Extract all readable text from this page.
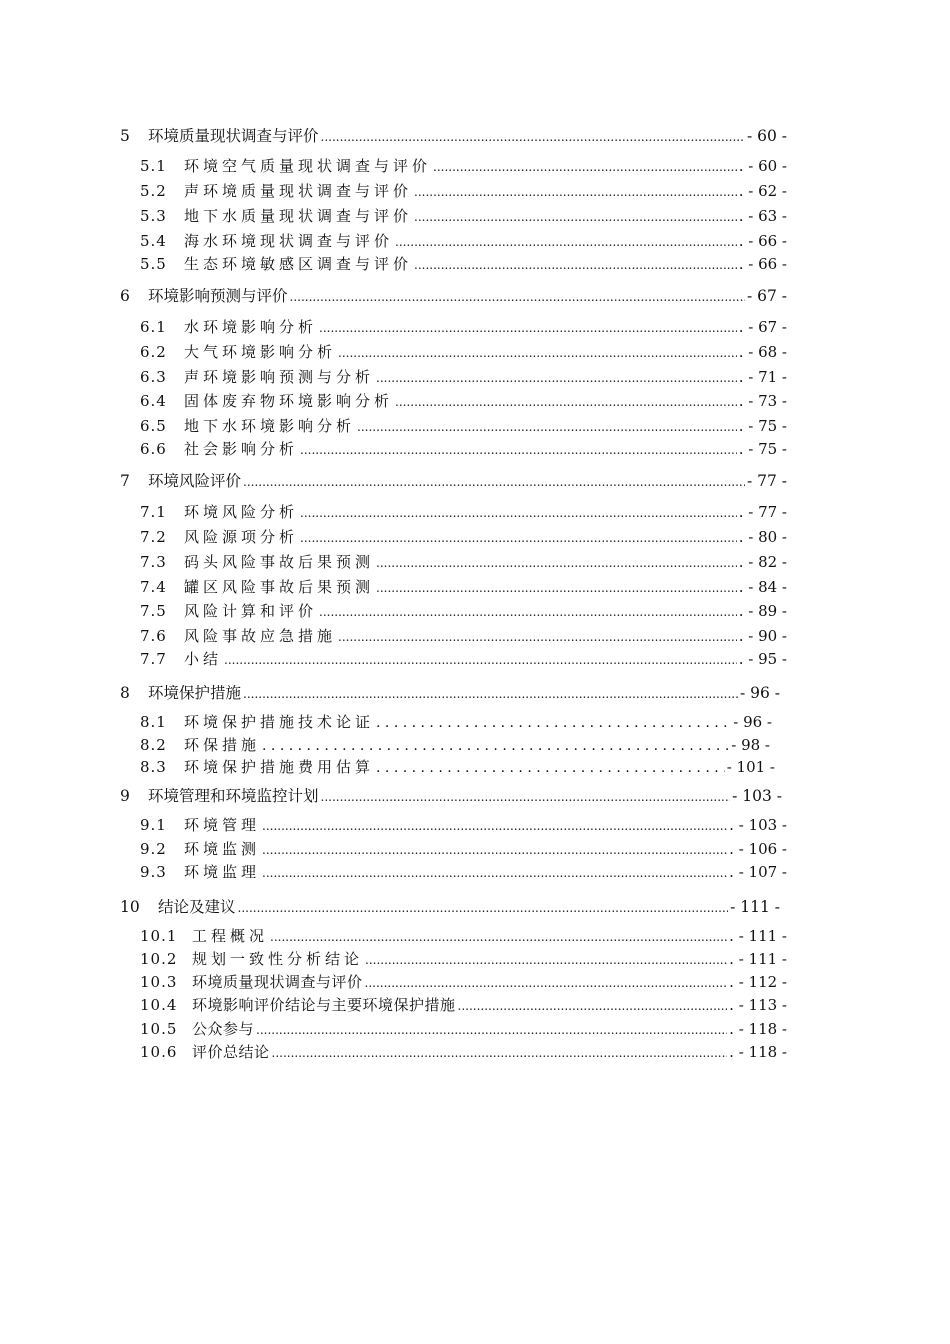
5	环境质量现状调查与评价 .....	- 60 -
5.1	环境空气质量现状调查与评价 .....	. - 60 -
5.2	声环境质量现状调查与评价 .....	. - 62 -
5.3	地下水质量现状调查与评价 .....	. - 63 -
5.4	海水环境现状调查与评价 .....	. - 66 -
5.5	生态环境敏感区调查与评价 .....	. - 66 -
6	环境影响预测与评价 .....	- 67 -
6.1	水环境影响分析 .....	. - 67 -
6.2	大气环境影响分析 .....	. - 68 -
6.3	声环境影响预测与分析 .....	. - 71 -
6.4	固体废弃物环境影响分析 .....	. - 73 -
6.5	地下水环境影响分析 .....	. - 75 -
6.6	社会影响分析 .....	. - 75 -
7	环境风险评价 .....	- 77 -
7.1	环境风险分析 .....	. - 77 -
7.2	风险源项分析 .....	. - 80 -
7.3	码头风险事故后果预测 .....	. - 82 -
7.4	罐区风险事故后果预测 .....	. - 84 -
7.5	风险计算和评价 .....	. - 89 -
7.6	风险事故应急措施 .....	. - 90 -
7.7	小结 .....	. - 95 -
8	环境保护措施 .....	- 96 -
8.1	环境保护措施技术论证 . . .	- 96 -
8.2	环保措施 . . .	- 98 -
8.3	环境保护措施费用估算 . . .	- 101 -
9	环境管理和环境监控计划 .....	- 103 -
9.1	环境管理 .....	. - 103 -
9.2	环境监测 .....	. - 106 -
9.3	环境监理 .....	. - 107 -
10	结论及建议 .....	- 111 -
10.1 工程概况 .....	. - 111 -
10.2 规划一致性分析结论 .....	. - 111 -
10.3 环境质量现状调查与评价 .....	. - 112 -
10.4 环境影响评价结论与主要环境保护措施 .....	. - 113 -
10.5 公众参与 .....	. - 118 -
10.6 评价总结论 .....	. - 118 -
